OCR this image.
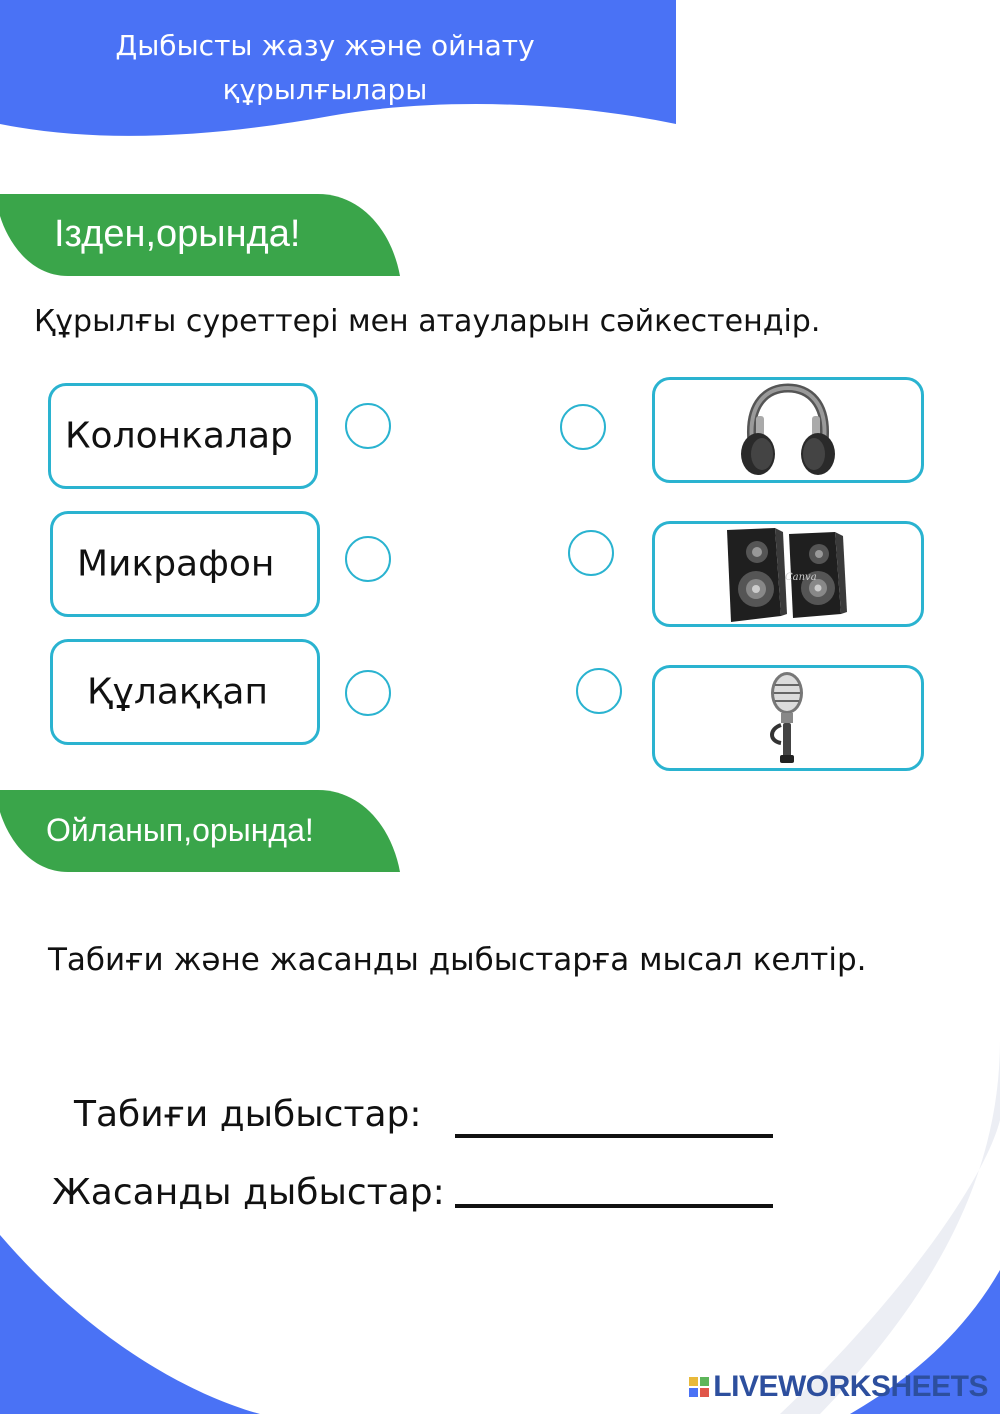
Дыбысты жазу және ойнату
құрылғылары
Ізден,орында!
Құрылғы суреттері мен атауларын сәйкестендір.
Колонкалар
Микрафон
Құлаққап
Canva
Ойланып,орында!
Табиғи және жасанды дыбыстарға мысал келтір.
Табиғи дыбыстар:
Жасанды дыбыстар:
LIVEWORKSHEETS
